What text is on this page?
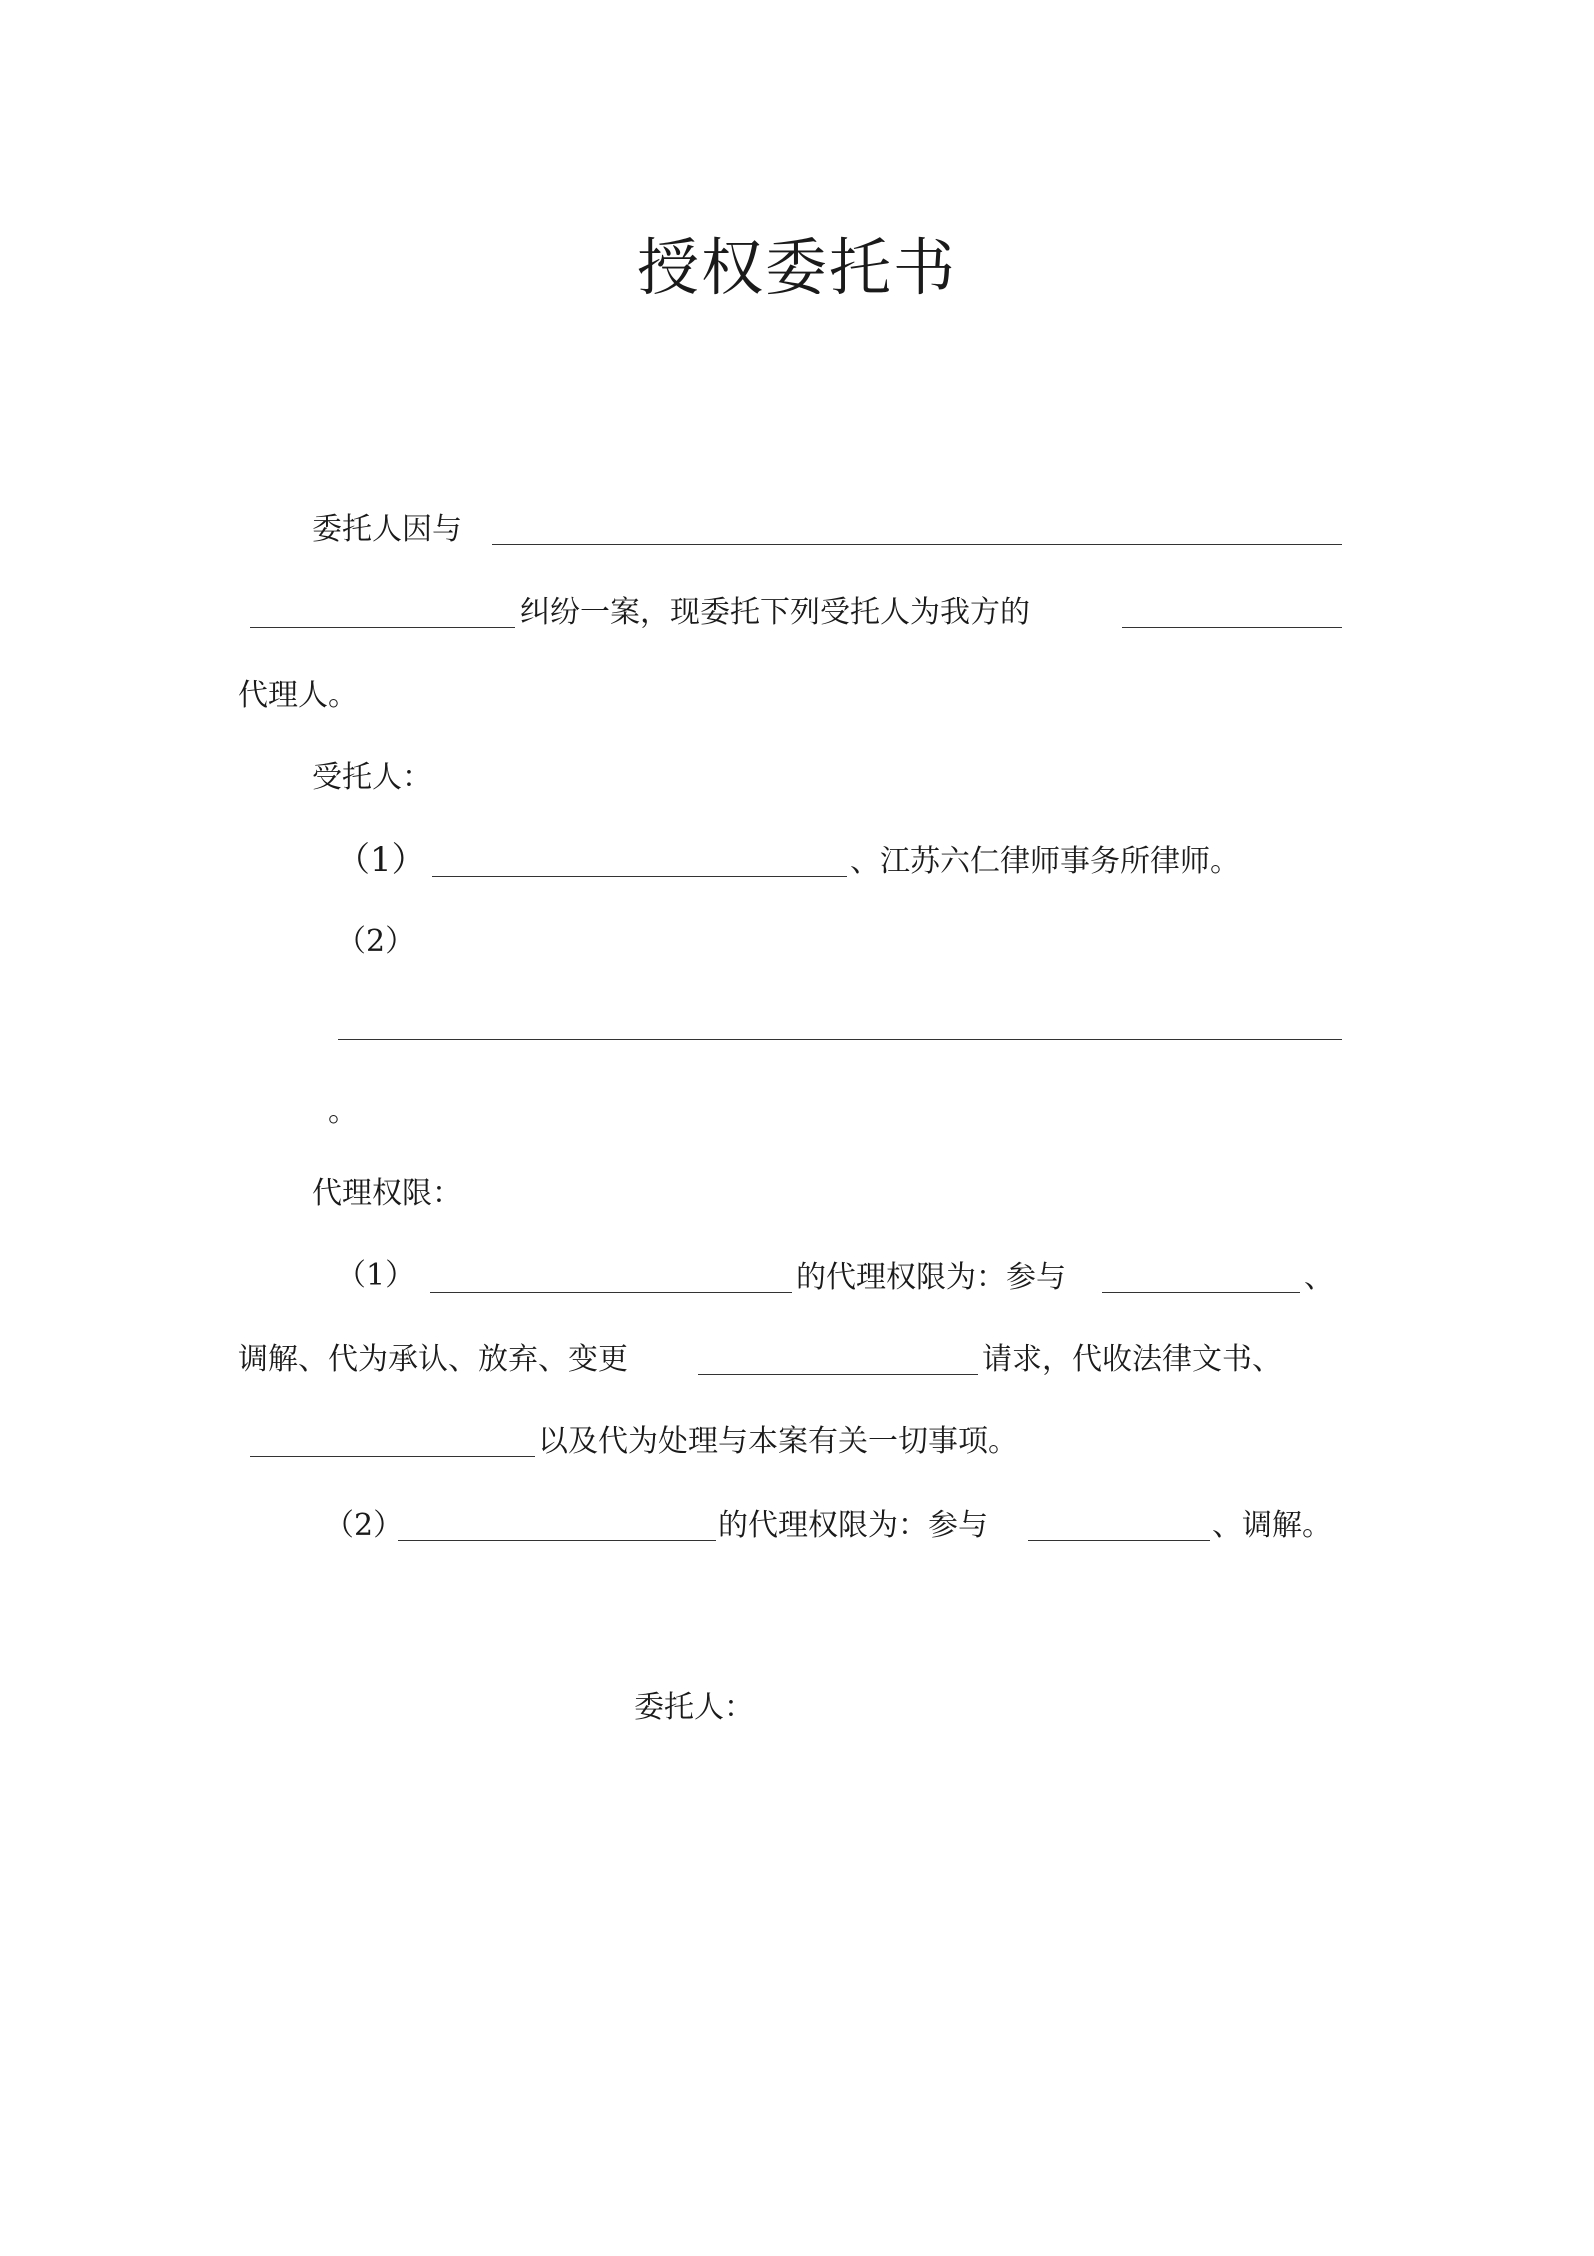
授权委托书
委托人因与
纠纷一案，现委托下列受托人为我方的
代理人。
受托人：
（1）	、江苏六仁律师事务所律师。
（2）
。
代理权限：
（1）	的代理权限为：参与	、
调解、代为承认、放弃、变更	请求，代收法律文书、
以及代为处理与本案有关一切事项。
（2）	的代理权限为：参与	、调解。
委托人：
